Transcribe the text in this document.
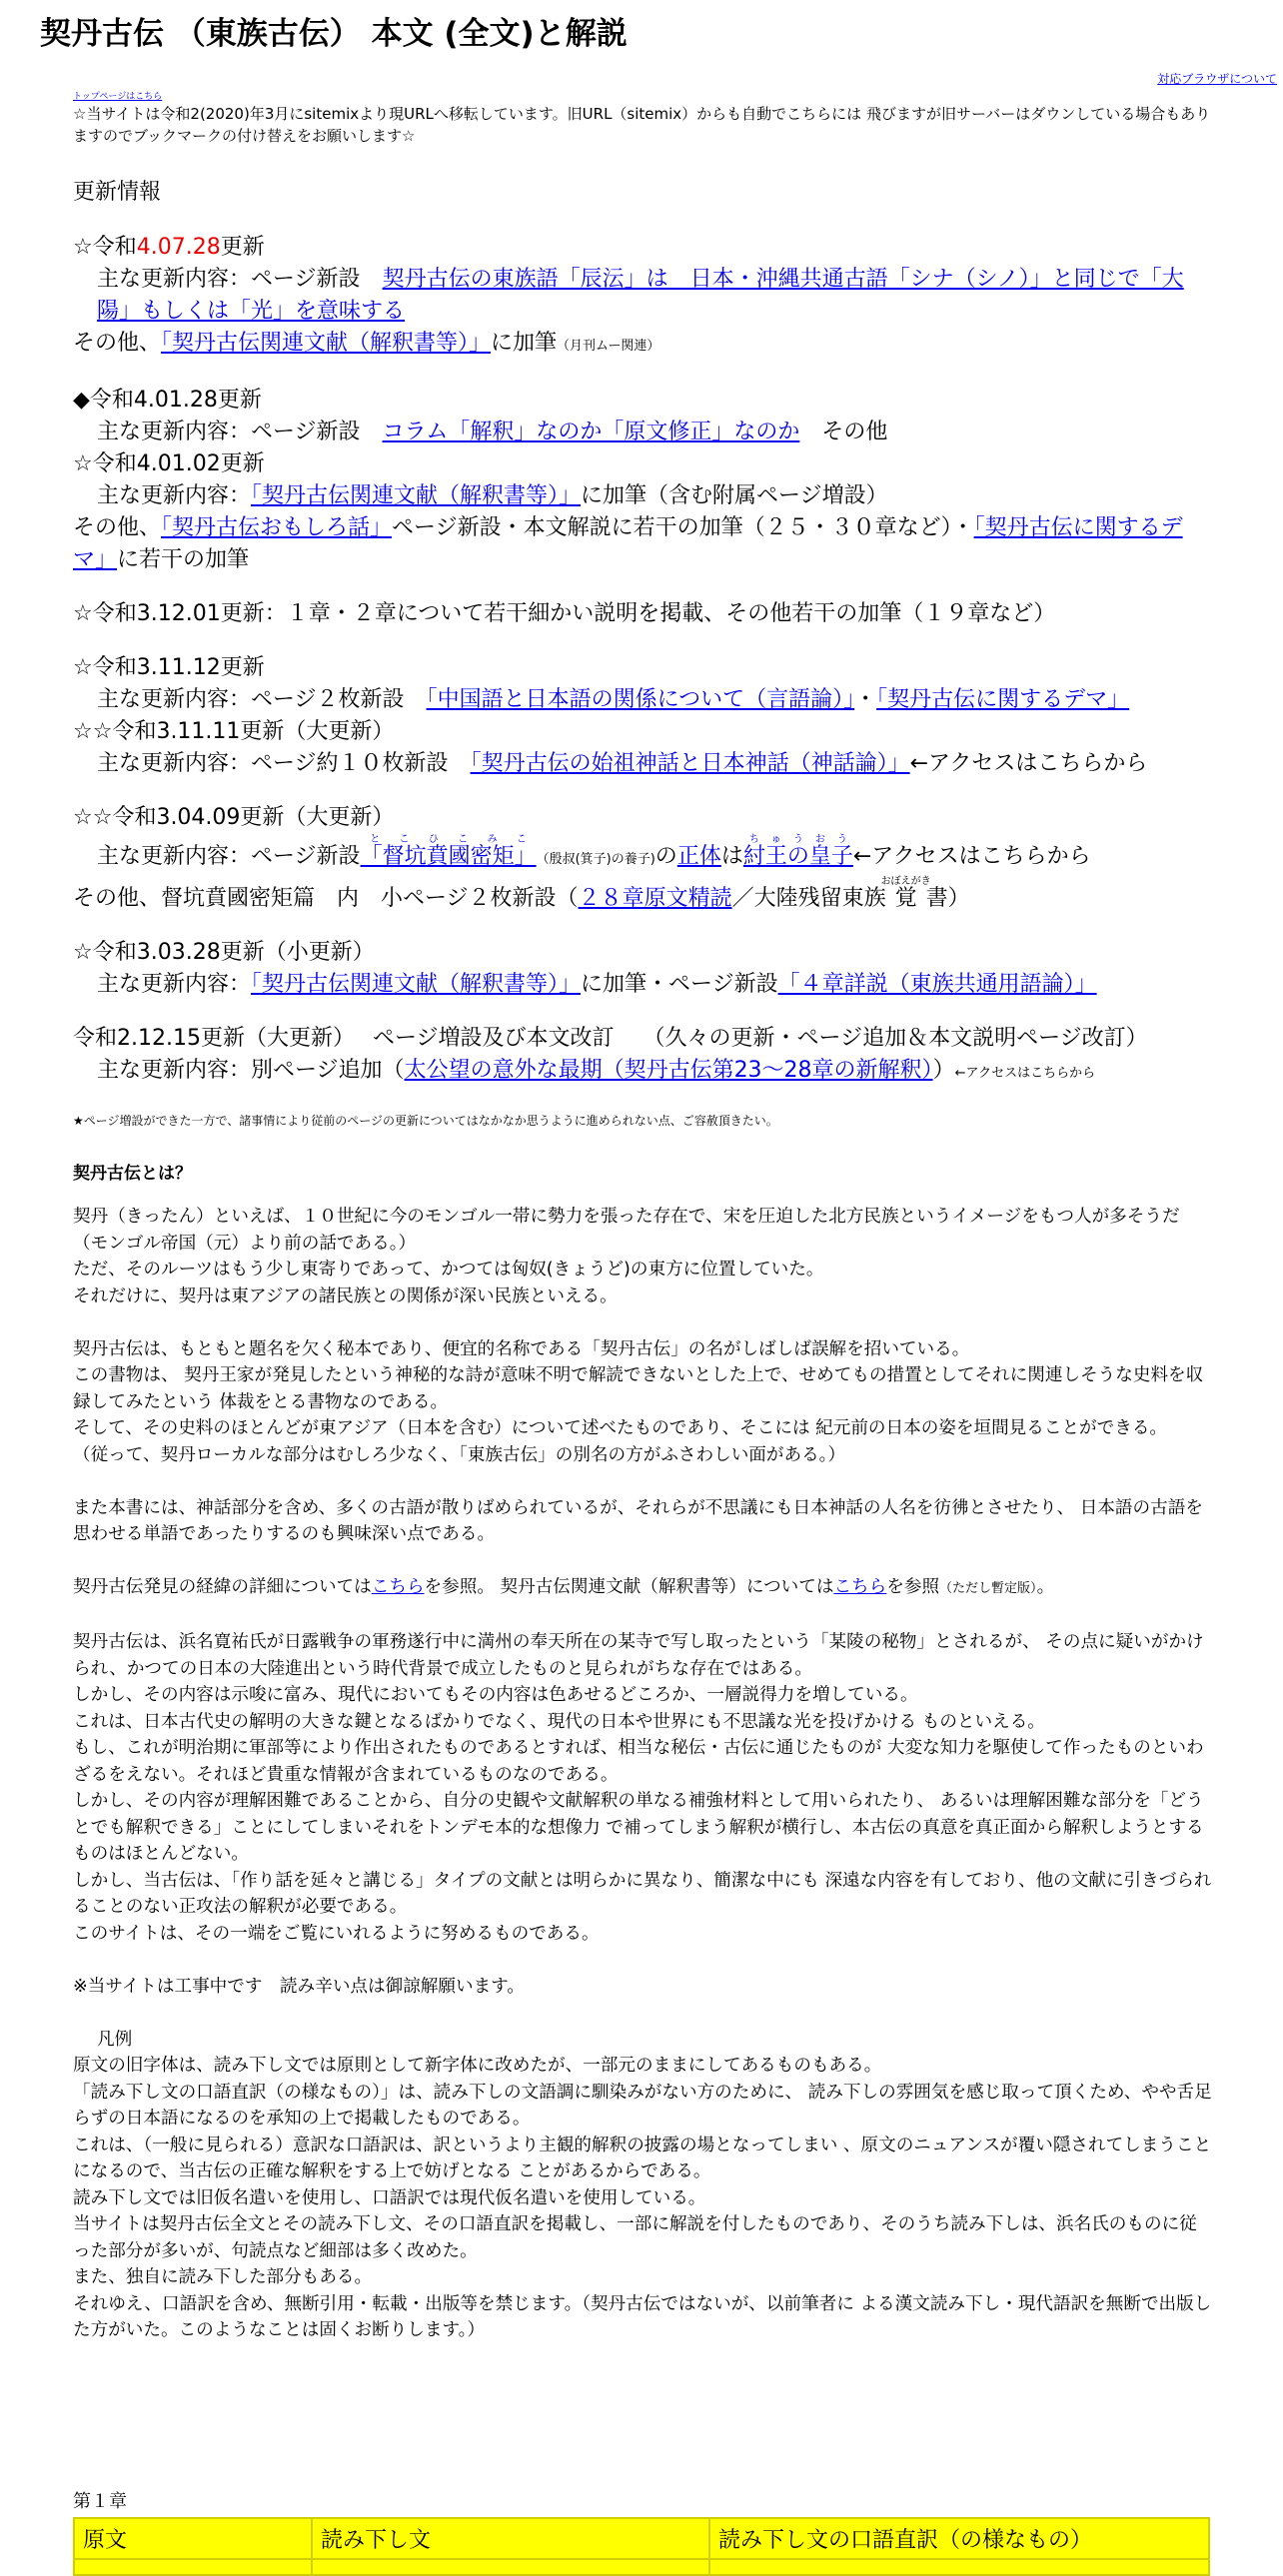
契丹古伝 （東族古伝） 本文 (全文)と解説
対応ブラウザについて
トップページはこちら

☆当サイトは令和2(2020)年3月にsitemixより現URLへ移転しています。旧URL（sitemix）からも自動でこちらには 飛びますが旧サーバーはダウンしている場合もありますのでブックマークの付け替えをお願いします☆

更新情報

☆令和4.07.28更新

主な更新内容：ページ新設　契丹古伝の東族語「辰沄」は　日本・沖縄共通古語「シナ（シノ）」と同じで「大陽」もしくは「光」を意味する

その他、「契丹古伝関連文献（解釈書等）」に加筆（月刊ムー関連）

◆令和4.01.28更新

主な更新内容：ページ新設　コラム「解釈」なのか「原文修正」なのか　その他

☆令和4.01.02更新

主な更新内容：「契丹古伝関連文献（解釈書等）」に加筆（含む附属ページ増設）

その他、「契丹古伝おもしろ話」ページ新設・本文解説に若干の加筆（２５・３０章など）・「契丹古伝に関するデマ」に若干の加筆

☆令和3.12.01更新：１章・２章について若干細かい説明を掲載、その他若干の加筆（１９章など）

☆令和3.11.12更新

主な更新内容：ページ２枚新設　「中国語と日本語の関係について（言語論）」・「契丹古伝に関するデマ」

☆☆令和3.11.11更新（大更新）

主な更新内容：ページ約１０枚新設　「契丹古伝の始祖神話と日本神話（神話論）」←アクセスはこちらから

☆☆令和3.04.09更新（大更新）

主な更新内容：ページ新設「督坑賁國密矩」とこひこみこ（殷叔(箕子)の養子)の正体は紂王の皇子ちゅうおう←アクセスはこちらから

その他、督坑賁國密矩篇　内　小ページ２枚新設（２８章原文精読／大陸残留東族覚おぼえがき書）

☆令和3.03.28更新（小更新）

主な更新内容：「契丹古伝関連文献（解釈書等）」に加筆・ページ新設「４章詳説（東族共通用語論）」

令和2.12.15更新（大更新）　 ページ増設及び本文改訂　 （久々の更新・ページ追加＆本文説明ページ改訂）

主な更新内容：別ページ追加（太公望の意外な最期（契丹古伝第23～28章の新解釈））←アクセスはこちらから

★ページ増設ができた一方で、諸事情により従前のページの更新についてはなかなか思うように進められない点、ご容赦頂きたい。

契丹古伝とは？

契丹（きったん）といえば、１０世紀に今のモンゴル一帯に勢力を張った存在で、宋を圧迫した北方民族というイメージをもつ人が多そうだ（モンゴル帝国（元）より前の話である。）

ただ、そのルーツはもう少し東寄りであって、かつては匈奴(きょうど)の東方に位置していた。

それだけに、契丹は東アジアの諸民族との関係が深い民族といえる。

契丹古伝は、もともと題名を欠く秘本であり、便宜的名称である「契丹古伝」の名がしばしば誤解を招いている。

この書物は、 契丹王家が発見したという神秘的な詩が意味不明で解読できないとした上で、せめてもの措置としてそれに関連しそうな史料を収録してみたという 体裁をとる書物なのである。

そして、その史料のほとんどが東アジア（日本を含む）について述べたものであり、そこには 紀元前の日本の姿を垣間見ることができる。

（従って、契丹ローカルな部分はむしろ少なく、「東族古伝」の別名の方がふさわしい面がある。）

また本書には、神話部分を含め、多くの古語が散りばめられているが、それらが不思議にも日本神話の人名を彷彿とさせたり、 日本語の古語を思わせる単語であったりするのも興味深い点である。

契丹古伝発見の経緯の詳細についてはこちらを参照。 契丹古伝関連文献（解釈書等）についてはこちらを参照（ただし暫定版）。

契丹古伝は、浜名寛祐氏が日露戦争の軍務遂行中に満州の奉天所在の某寺で写し取ったという「某陵の秘物」とされるが、 その点に疑いがかけられ、かつての日本の大陸進出という時代背景で成立したものと見られがちな存在ではある。

しかし、その内容は示唆に富み、現代においてもその内容は色あせるどころか、一層説得力を増している。

これは、日本古代史の解明の大きな鍵となるばかりでなく、現代の日本や世界にも不思議な光を投げかける ものといえる。

もし、これが明治期に軍部等により作出されたものであるとすれば、相当な秘伝・古伝に通じたものが 大変な知力を駆使して作ったものといわざるをえない。それほど貴重な情報が含まれているものなのである。

しかし、その内容が理解困難であることから、自分の史観や文献解釈の単なる補強材料として用いられたり、 あるいは理解困難な部分を「どうとでも解釈できる」ことにしてしまいそれをトンデモ本的な想像力 で補ってしまう解釈が横行し、本古伝の真意を真正面から解釈しようとするものはほとんどない。

しかし、当古伝は、「作り話を延々と講じる」タイプの文献とは明らかに異なり、簡潔な中にも 深遠な内容を有しており、他の文献に引きづられることのない正攻法の解釈が必要である。

このサイトは、その一端をご覧にいれるように努めるものである。

※当サイトは工事中です　読み辛い点は御諒解願います。

凡例

原文の旧字体は、読み下し文では原則として新字体に改めたが、一部元のままにしてあるものもある。

「読み下し文の口語直訳（の様なもの）」は、読み下しの文語調に馴染みがない方のために、 読み下しの雰囲気を感じ取って頂くため、やや舌足らずの日本語になるのを承知の上で掲載したものである。

これは、（一般に見られる）意訳な口語訳は、訳というより主観的解釈の披露の場となってしまい 、原文のニュアンスが覆い隠されてしまうことになるので、当古伝の正確な解釈をする上で妨げとなる ことがあるからである。

読み下し文では旧仮名遣いを使用し、口語訳では現代仮名遣いを使用している。

当サイトは契丹古伝全文とその読み下し文、その口語直訳を掲載し、一部に解説を付したものであり、そのうち読み下しは、浜名氏のものに従った部分が多いが、句読点など細部は多く改めた。

また、独自に読み下した部分もある。

それゆえ、口語訳を含め、無断引用・転載・出版等を禁じます。（契丹古伝ではないが、以前筆者に よる漢文読み下し・現代語訳を無断で出版した方がいた。このようなことは固くお断りします。）

第１章

原文	読み下し文	読み下し文の口語直訳（の様なもの）
